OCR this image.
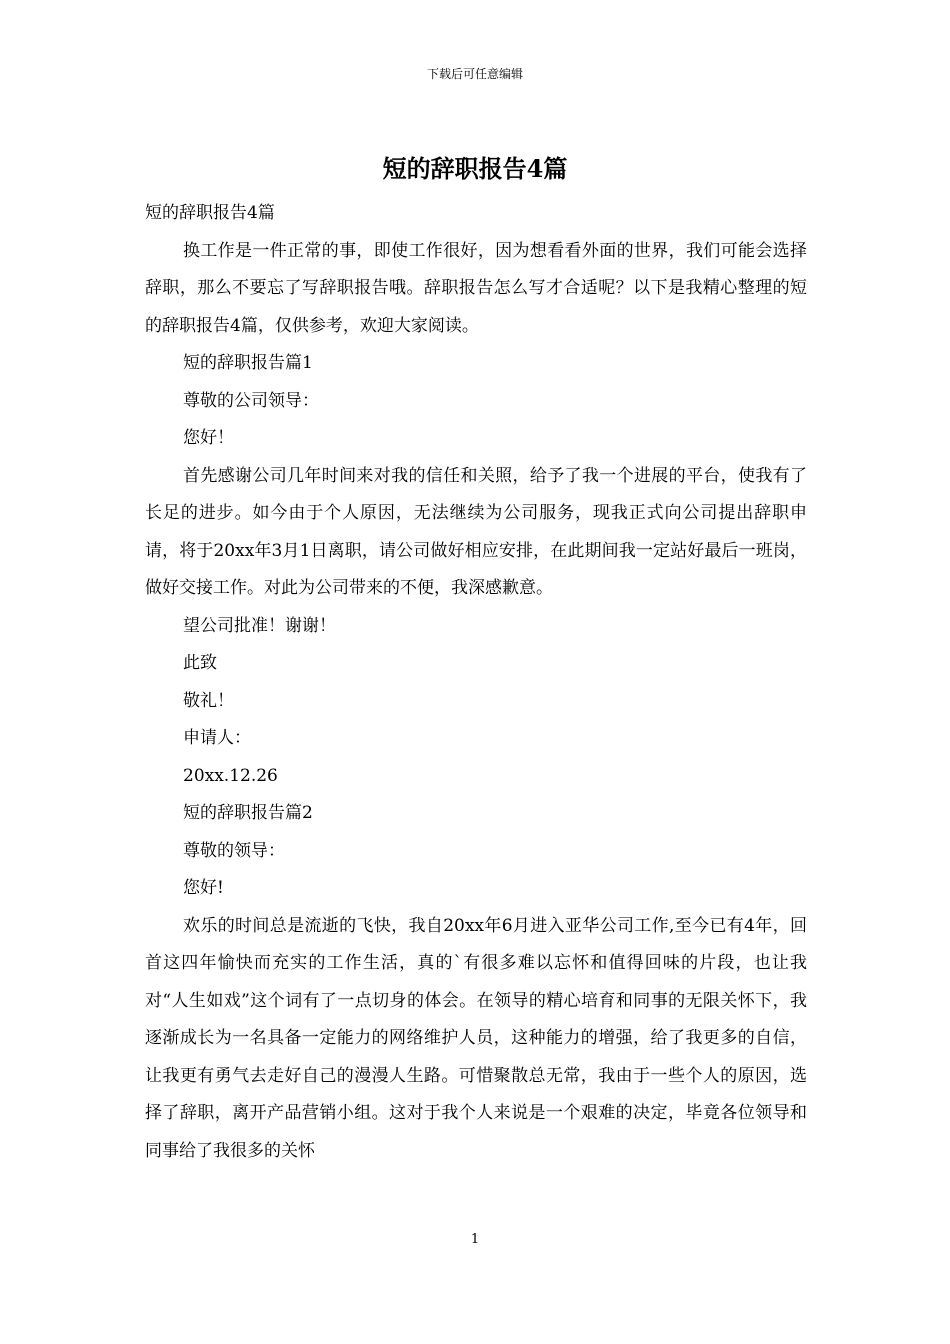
下载后可任意编辑
短的辞职报告4篇

短的辞职报告4篇

换工作是一件正常的事，即使工作很好，因为想看看外面的世界，我们可能会选择辞职，那么不要忘了写辞职报告哦。辞职报告怎么写才合适呢？以下是我精心整理的短的辞职报告4篇，仅供参考，欢迎大家阅读。

短的辞职报告篇1

尊敬的公司领导：

您好！

首先感谢公司几年时间来对我的信任和关照，给予了我一个进展的平台，使我有了长足的进步。如今由于个人原因，无法继续为公司服务，现我正式向公司提出辞职申请，将于20xx年3月1日离职，请公司做好相应安排，在此期间我一定站好最后一班岗，做好交接工作。对此为公司带来的不便，我深感歉意。

望公司批准！谢谢！

此致

敬礼！

申请人：

20xx.12.26

短的辞职报告篇2

尊敬的领导：

您好!

欢乐的时间总是流逝的飞快，我自20xx年6月进入亚华公司工作,至今已有4年，回首这四年愉快而充实的工作生活，真的`有很多难以忘怀和值得回味的片段，也让我对“人生如戏”这个词有了一点切身的体会。在领导的精心培育和同事的无限关怀下，我逐渐成长为一名具备一定能力的网络维护人员，这种能力的增强，给了我更多的自信，让我更有勇气去走好自己的漫漫人生路。可惜聚散总无常，我由于一些个人的原因，选择了辞职，离开产品营销小组。这对于我个人来说是一个艰难的决定，毕竟各位领导和同事给了我很多的关怀

1
